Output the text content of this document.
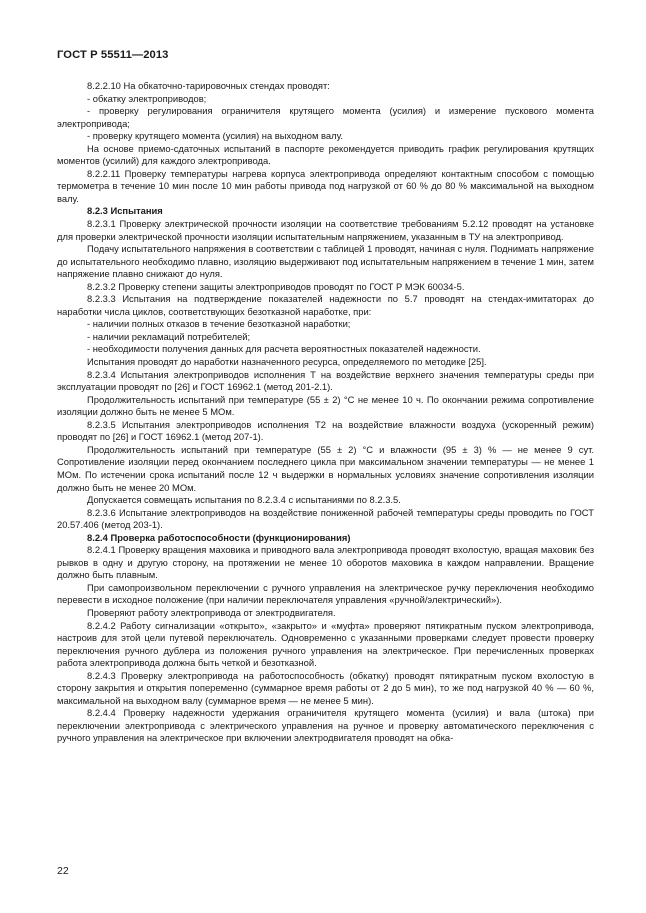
ГОСТ Р 55511—2013

8.2.2.10 На обкаточно-тарировочных стендах проводят:

- обкатку электроприводов;

- проверку регулирования ограничителя крутящего момента (усилия) и измерение пускового момента электропривода;

- проверку крутящего момента (усилия) на выходном валу.

На основе приемо-сдаточных испытаний в паспорте рекомендуется приводить график регулирования крутящих моментов (усилий) для каждого электропривода.

8.2.2.11 Проверку температуры нагрева корпуса электропривода определяют контактным способом с помощью термометра в течение 10 мин после 10 мин работы привода под нагрузкой от 60 % до 80 % максимальной на выходном валу.

8.2.3 Испытания

8.2.3.1 Проверку электрической прочности изоляции на соответствие требованиям 5.2.12 проводят на установке для проверки электрической прочности изоляции испытательным напряжением, указанным в ТУ на электропривод.

Подачу испытательного напряжения в соответствии с таблицей 1 проводят, начиная с нуля. Поднимать напряжение до испытательного необходимо плавно, изоляцию выдерживают под испытательным напряжением в течение 1 мин, затем напряжение плавно снижают до нуля.

8.2.3.2 Проверку степени защиты электроприводов проводят по ГОСТ Р МЭК 60034-5.

8.2.3.3 Испытания на подтверждение показателей надежности по 5.7 проводят на стендах-имитаторах до наработки числа циклов, соответствующих безотказной наработке, при:

- наличии полных отказов в течение безотказной наработки;

- наличии рекламаций потребителей;

- необходимости получения данных для расчета вероятностных показателей надежности.

Испытания проводят до наработки назначенного ресурса, определяемого по методике [25].

8.2.3.4 Испытания электроприводов исполнения Т на воздействие верхнего значения температуры среды при эксплуатации проводят по [26] и ГОСТ 16962.1 (метод 201-2.1).

Продолжительность испытаний при температуре (55 ± 2) °С не менее 10 ч. По окончании режима сопротивление изоляции должно быть не менее 5 МОм.

8.2.3.5 Испытания электроприводов исполнения Т2 на воздействие влажности воздуха (ускоренный режим) проводят по [26] и ГОСТ 16962.1 (метод 207-1).

Продолжительность испытаний при температуре (55 ± 2) °С и влажности (95 ± 3) % — не менее 9 сут. Сопротивление изоляции перед окончанием последнего цикла при максимальном значении температуры — не менее 1 МОм. По истечении срока испытаний после 12 ч выдержки в нормальных условиях значение сопротивления изоляции должно быть не менее 20 МОм.

Допускается совмещать испытания по 8.2.3.4 с испытаниями по 8.2.3.5.

8.2.3.6 Испытание электроприводов на воздействие пониженной рабочей температуры среды проводить по ГОСТ 20.57.406 (метод 203-1).

8.2.4 Проверка работоспособности (функционирования)

8.2.4.1 Проверку вращения маховика и приводного вала электропривода проводят вхолостую, вращая маховик без рывков в одну и другую сторону, на протяжении не менее 10 оборотов маховика в каждом направлении. Вращение должно быть плавным.

При самопроизвольном переключении с ручного управления на электрическое ручку переключения необходимо перевести в исходное положение (при наличии переключателя управления «ручной/электрический»).

Проверяют работу электропривода от электродвигателя.

8.2.4.2 Работу сигнализации «открыто», «закрыто» и «муфта» проверяют пятикратным пуском электропривода, настроив для этой цели путевой переключатель. Одновременно с указанными проверками следует провести проверку переключения ручного дублера из положения ручного управления на электрическое. При перечисленных проверках работа электропривода должна быть четкой и безотказной.

8.2.4.3 Проверку электропривода на работоспособность (обкатку) проводят пятикратным пуском вхолостую в сторону закрытия и открытия попеременно (суммарное время работы от 2 до 5 мин), то же под нагрузкой 40 % — 60 %, максимальной на выходном валу (суммарное время — не менее 5 мин).

8.2.4.4 Проверку надежности удержания ограничителя крутящего момента (усилия) и вала (штока) при переключении электропривода с электрического управления на ручное и проверку автоматического переключения с ручного управления на электрическое при включении электродвигателя проводят на обка-

22
